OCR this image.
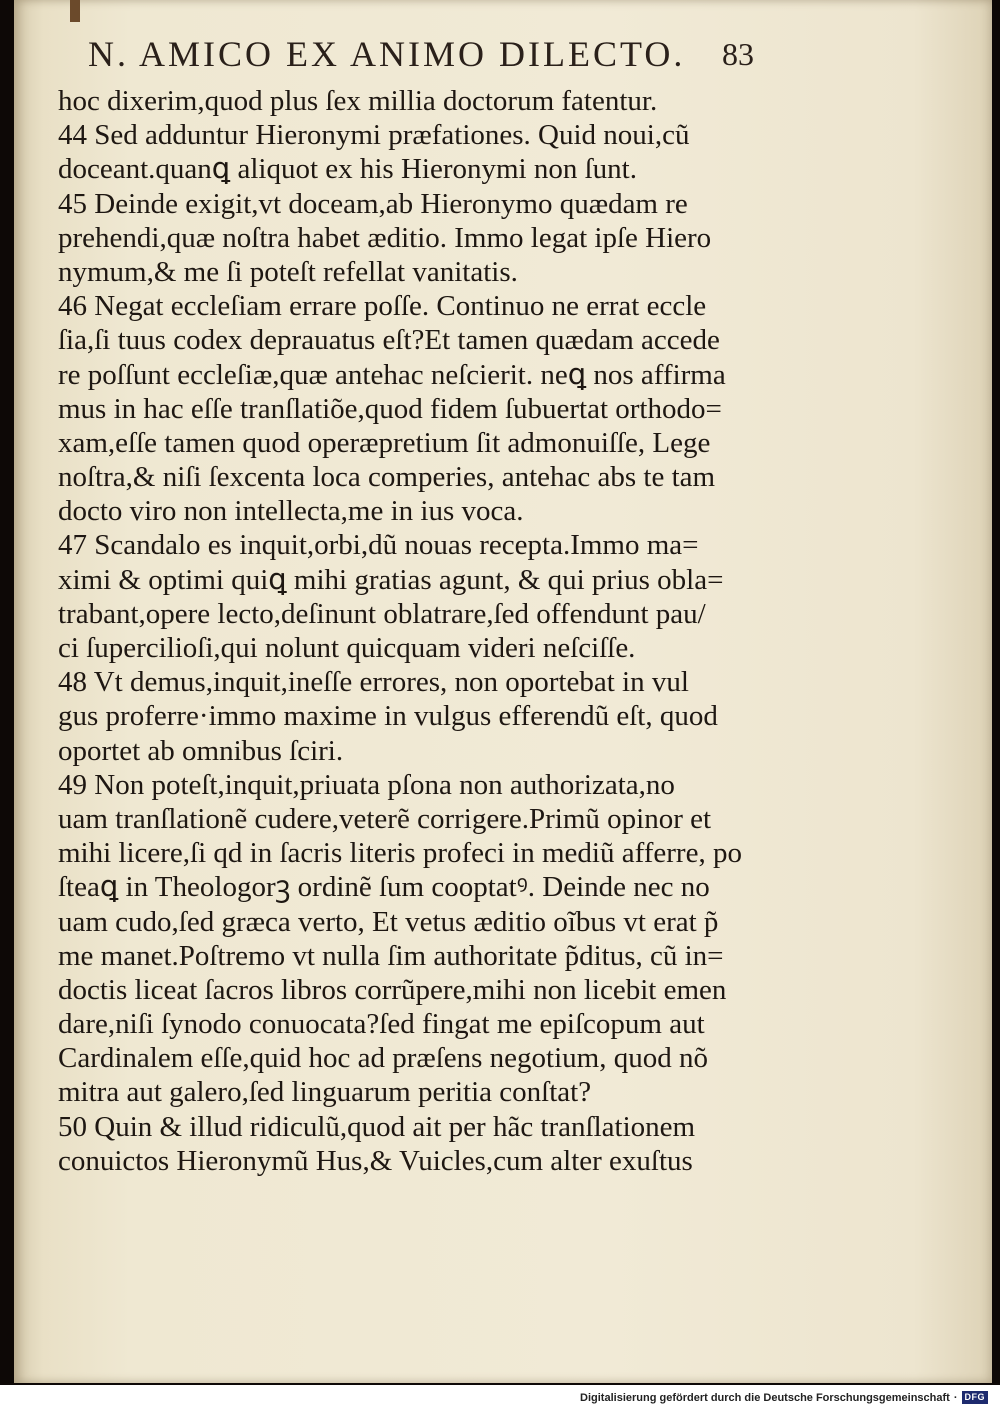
N. AMICO EX ANIMO DILECTO.	83
hoc dixerim,quod plus ſex millia doctorum fatentur.
44 Sed adduntur Hieronymi præfationes. Quid noui,cũ
doceant.quanꝗ aliquot ex his Hieronymi non ſunt.
45 Deinde exigit,vt doceam,ab Hieronymo quædam re
prehendi,quæ noſtra habet æditio. Immo legat ipſe Hiero
nymum,& me ſi poteſt refellat vanitatis.
46 Negat eccleſiam errare poſſe. Continuo ne errat eccle
ſia,ſi tuus codex deprauatus eſt?Et tamen quædam accede
re poſſunt eccleſiæ,quæ antehac neſcierit. neꝗ nos affirma
mus in hac eſſe tranſlatiõe,quod fidem ſubuertat orthodo=
xam,eſſe tamen quod operæpretium ſit admonuiſſe, Lege
noſtra,& niſi ſexcenta loca comperies, antehac abs te tam
docto viro non intellecta,me in ius voca.
47 Scandalo es inquit,orbi,dũ nouas recepta.Immo ma=
ximi & optimi quiꝗ mihi gratias agunt, & qui prius obla=
trabant,opere lecto,deſinunt oblatrare,ſed offendunt pau/
ci ſupercilioſi,qui nolunt quicquam videri neſciſſe.
48 Vt demus,inquit,ineſſe errores, non oportebat in vul
gus proferre·immo maxime in vulgus efferendũ eſt, quod
oportet ab omnibus ſciri.
49 Non poteſt,inquit,priuata pſona non authorizata,no
uam tranſlationẽ cudere,veterẽ corrigere.Primũ opinor et
mihi licere,ſi qd in ſacris literis profeci in mediũ afferre, po
ſteaꝗ in Theologorꝫ ordinẽ ſum cooptatꝰ. Deinde nec no
uam cudo,ſed græca verto, Et vetus æditio oĩbus vt erat p̃
me manet.Poſtremo vt nulla ſim authoritate p̃ditus, cũ in=
doctis liceat ſacros libros corrũpere,mihi non licebit emen
dare,niſi ſynodo conuocata?ſed fingat me epiſcopum aut
Cardinalem eſſe,quid hoc ad præſens negotium, quod nõ
mitra aut galero,ſed linguarum peritia conſtat?
50 Quin & illud ridiculũ,quod ait per hãc tranſlationem
conuictos Hieronymũ Hus,& Vuicles,cum alter exuſtus
Digitalisierung gefördert durch die Deutsche Forschungsgemeinschaft · DFG
